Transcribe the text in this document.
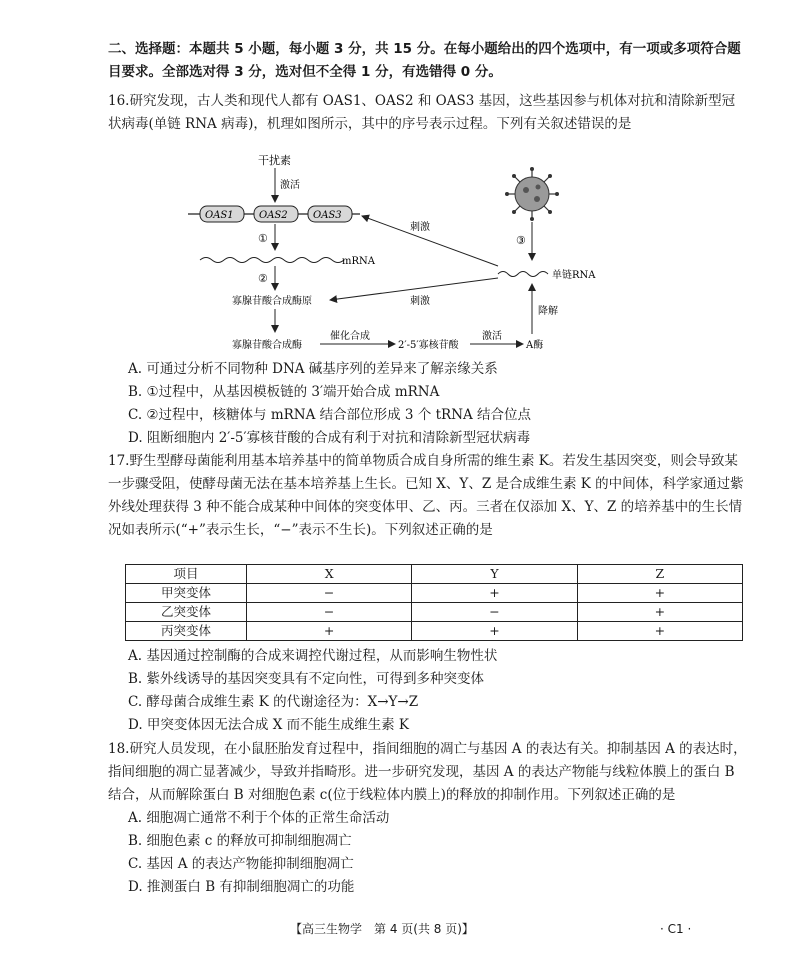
二、选择题：本题共 5 小题，每小题 3 分，共 15 分。在每小题给出的四个选项中，有一项或多项符合题目要求。全部选对得 3 分，选对但不全得 1 分，有选错得 0 分。
16.研究发现，古人类和现代人都有 OAS1、OAS2 和 OAS3 基因，这些基因参与机体对抗和清除新型冠状病毒(单链 RNA 病毒)，机理如图所示，其中的序号表示过程。下列有关叙述错误的是
干扰素
激活
OAS1	OAS2	OAS3
①
mRNA
②
寡腺苷酸合成酶原
寡腺苷酸合成酶
催化合成
2′-5′寡核苷酸
激活
A酶
降解
③
单链RNA
刺激
刺激
A. 可通过分析不同物种 DNA 碱基序列的差异来了解亲缘关系
B. ①过程中，从基因模板链的 3′端开始合成 mRNA
C. ②过程中，核糖体与 mRNA 结合部位形成 3 个 tRNA 结合位点
D. 阻断细胞内 2′-5′寡核苷酸的合成有利于对抗和清除新型冠状病毒
17.野生型酵母菌能利用基本培养基中的简单物质合成自身所需的维生素 K。若发生基因突变，则会导致某一步骤受阻，使酵母菌无法在基本培养基上生长。已知 X、Y、Z 是合成维生素 K 的中间体，科学家通过紫外线处理获得 3 种不能合成某种中间体的突变体甲、乙、丙。三者在仅添加 X、Y、Z 的培养基中的生长情况如表所示(“+”表示生长，“−”表示不生长)。下列叙述正确的是
项目	X	Y	Z
甲突变体	−	+	+
乙突变体	−	−	+
丙突变体	+	+	+
A. 基因通过控制酶的合成来调控代谢过程，从而影响生物性状
B. 紫外线诱导的基因突变具有不定向性，可得到多种突变体
C. 酵母菌合成维生素 K 的代谢途径为：X→Y→Z
D. 甲突变体因无法合成 X 而不能生成维生素 K
18.研究人员发现，在小鼠胚胎发育过程中，指间细胞的凋亡与基因 A 的表达有关。抑制基因 A 的表达时，指间细胞的凋亡显著减少，导致并指畸形。进一步研究发现，基因 A 的表达产物能与线粒体膜上的蛋白 B 结合，从而解除蛋白 B 对细胞色素 c(位于线粒体内膜上)的释放的抑制作用。下列叙述正确的是
A. 细胞凋亡通常不利于个体的正常生命活动
B. 细胞色素 c 的释放可抑制细胞凋亡
C. 基因 A 的表达产物能抑制细胞凋亡
D. 推测蛋白 B 有抑制细胞凋亡的功能
【高三生物学　第 4 页(共 8 页)】	· C1 ·
